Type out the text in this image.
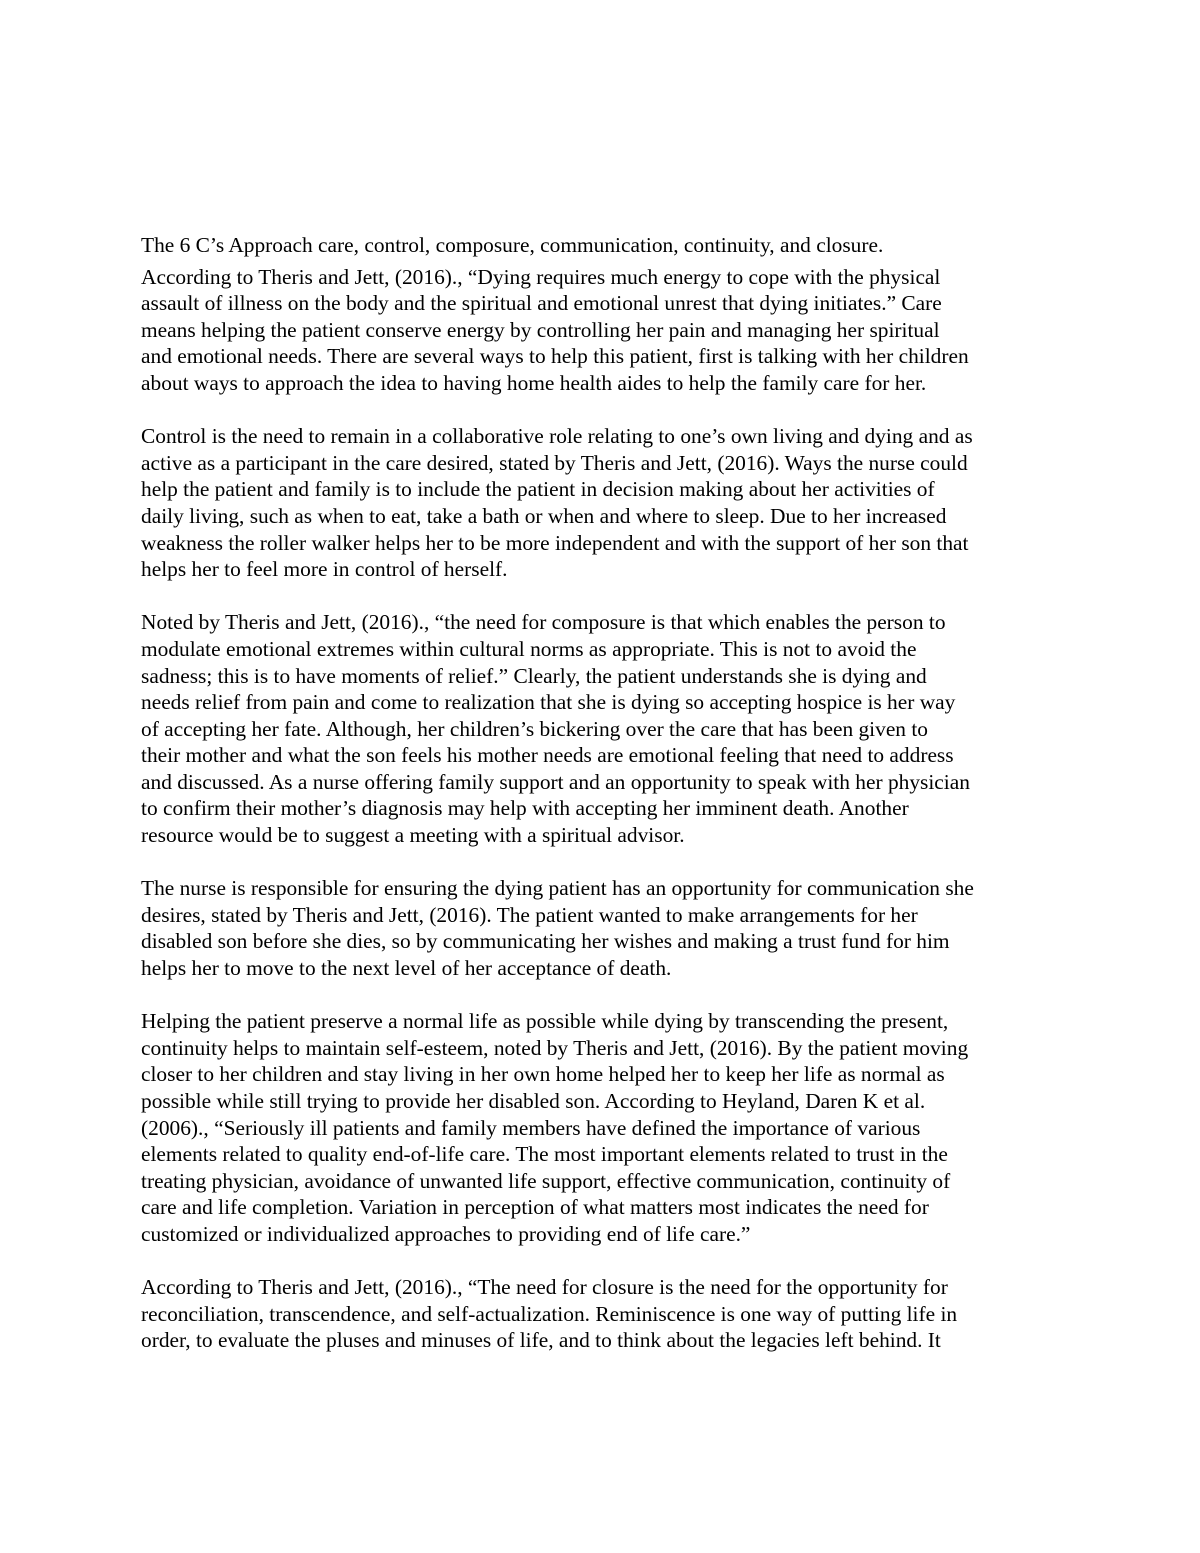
The 6 C’s Approach care, control, composure, communication, continuity, and closure.
According to Theris and Jett, (2016)., “Dying requires much energy to cope with the physical
assault of illness on the body and the spiritual and emotional unrest that dying initiates.” Care
means helping the patient conserve energy by controlling her pain and managing her spiritual
and emotional needs. There are several ways to help this patient, first is talking with her children
about ways to approach the idea to having home health aides to help the family care for her.
Control is the need to remain in a collaborative role relating to one’s own living and dying and as
active as a participant in the care desired, stated by Theris and Jett, (2016). Ways the nurse could
help the patient and family is to include the patient in decision making about her activities of
daily living, such as when to eat, take a bath or when and where to sleep. Due to her increased
weakness the roller walker helps her to be more independent and with the support of her son that
helps her to feel more in control of herself.
Noted by Theris and Jett, (2016)., “the need for composure is that which enables the person to
modulate emotional extremes within cultural norms as appropriate. This is not to avoid the
sadness; this is to have moments of relief.” Clearly, the patient understands she is dying and
needs relief from pain and come to realization that she is dying so accepting hospice is her way
of accepting her fate. Although, her children’s bickering over the care that has been given to
their mother and what the son feels his mother needs are emotional feeling that need to address
and discussed. As a nurse offering family support and an opportunity to speak with her physician
to confirm their mother’s diagnosis may help with accepting her imminent death. Another
resource would be to suggest a meeting with a spiritual advisor.
The nurse is responsible for ensuring the dying patient has an opportunity for communication she
desires, stated by Theris and Jett, (2016). The patient wanted to make arrangements for her
disabled son before she dies, so by communicating her wishes and making a trust fund for him
helps her to move to the next level of her acceptance of death.
Helping the patient preserve a normal life as possible while dying by transcending the present,
continuity helps to maintain self-esteem, noted by Theris and Jett, (2016). By the patient moving
closer to her children and stay living in her own home helped her to keep her life as normal as
possible while still trying to provide her disabled son. According to Heyland, Daren K et al.
(2006)., “Seriously ill patients and family members have defined the importance of various
elements related to quality end-of-life care. The most important elements related to trust in the
treating physician, avoidance of unwanted life support, effective communication, continuity of
care and life completion. Variation in perception of what matters most indicates the need for
customized or individualized approaches to providing end of life care.”
According to Theris and Jett, (2016)., “The need for closure is the need for the opportunity for
reconciliation, transcendence, and self-actualization. Reminiscence is one way of putting life in
order, to evaluate the pluses and minuses of life, and to think about the legacies left behind. It
